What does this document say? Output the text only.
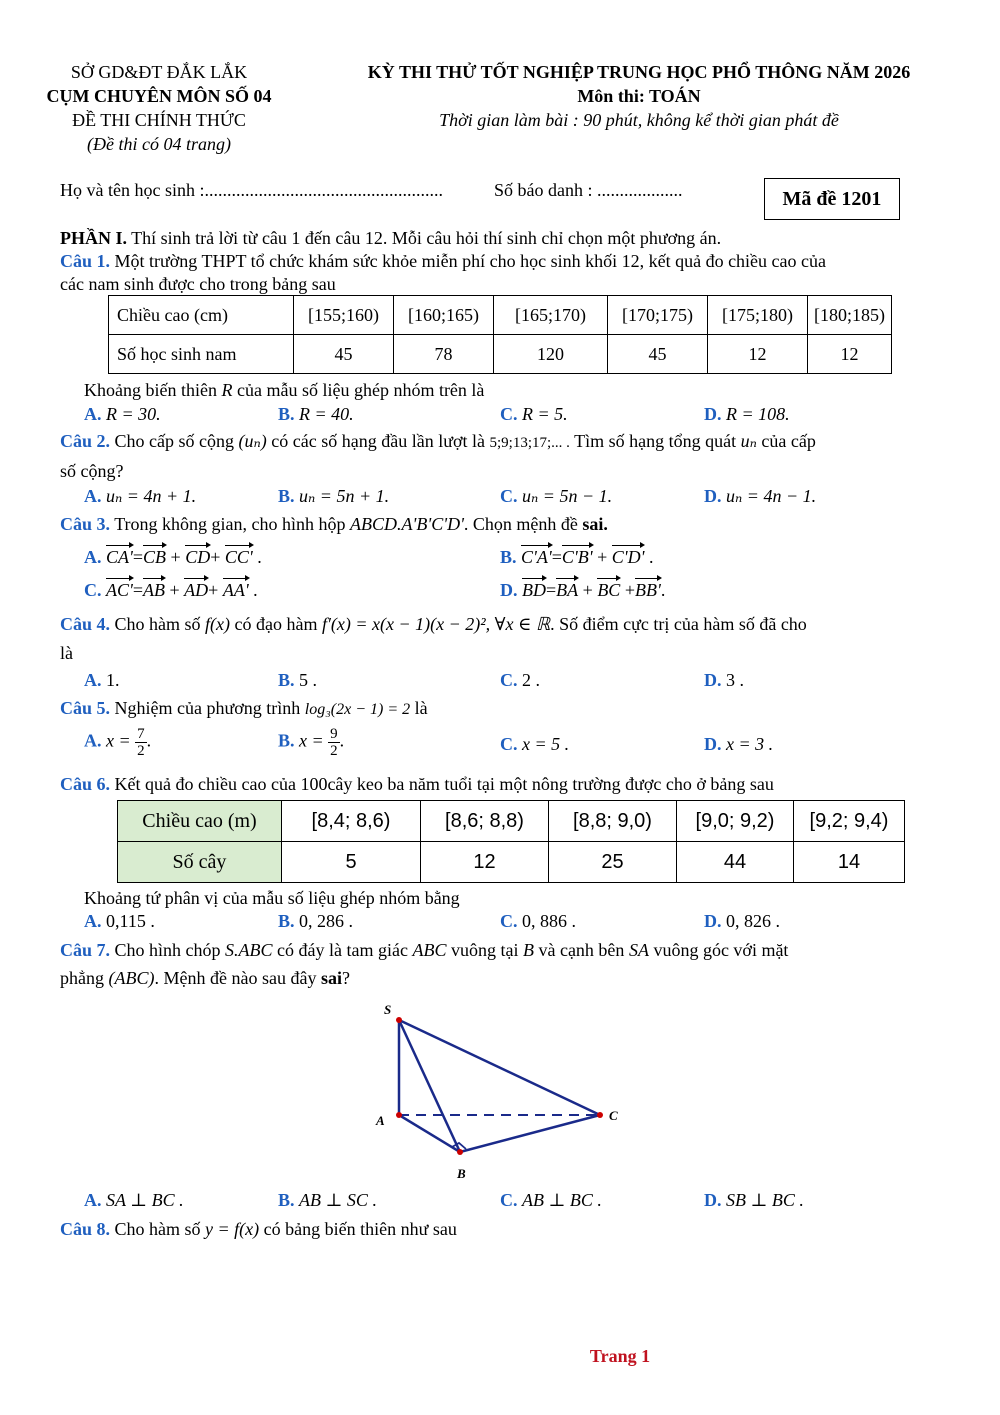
SỞ GD&ĐT ĐẮK LẮK
CỤM CHUYÊN MÔN SỐ 04
ĐỀ THI CHÍNH THỨC
(Đề thi có 04 trang)
KỲ THI THỬ TỐT NGHIỆP TRUNG HỌC PHỔ THÔNG NĂM 2026
Môn thi: TOÁN
Thời gian làm bài : 90 phút, không kể thời gian phát đề
Họ và tên học sinh :.....................................................	Số báo danh : ...................	Mã đề 1201
PHẦN I. Thí sinh trả lời từ câu 1 đến câu 12. Mỗi câu hỏi thí sinh chỉ chọn một phương án.
Câu 1. Một trường THPT tổ chức khám sức khỏe miễn phí cho học sinh khối 12, kết quả đo chiều cao của
các nam sinh được cho trong bảng sau
Chiều cao (cm)	[155;160)	[160;165)	[165;170)	[170;175)	[175;180)	[180;185)
Số học sinh nam	45	78	120	45	12	12
Khoảng biến thiên R của mẫu số liệu ghép nhóm trên là
A. R = 30.	B. R = 40.	C. R = 5.	D. R = 108.
Câu 2. Cho cấp số cộng (uₙ) có các số hạng đầu lần lượt là 5;9;13;17;... . Tìm số hạng tổng quát uₙ của cấp
số cộng?
A. uₙ = 4n + 1.	B. uₙ = 5n + 1.	C. uₙ = 5n − 1.	D. uₙ = 4n − 1.
Câu 3. Trong không gian, cho hình hộp ABCD.A'B'C'D'. Chọn mệnh đề sai.
A. CA'=CB + CD+ CC' .	B. C'A'=C'B' + C'D' .
C. AC'=AB + AD+ AA' .	D. BD=BA + BC +BB'.
Câu 4. Cho hàm số f(x) có đạo hàm f′(x) = x(x − 1)(x − 2)², ∀x ∈ ℝ. Số điểm cực trị của hàm số đã cho
là
A. 1.	B. 5 .	C. 2 .	D. 3 .
Câu 5. Nghiệm của phương trình log₃(2x − 1) = 2 là
A. $x = \frac{7}{2}$ .	B. $x = \frac{9}{2}$ .	C. x = 5 .	D. x = 3 .
Câu 6. Kết quả đo chiều cao của 100cây keo ba năm tuổi tại một nông trường được cho ở bảng sau
Chiều cao (m)	[8,4; 8,6)	[8,6; 8,8)	[8,8; 9,0)	[9,0; 9,2)	[9,2; 9,4)
Số cây	5	12	25	44	14
Khoảng tứ phân vị của mẫu số liệu ghép nhóm bằng
A. 0,115 .	B. 0, 286 .	C. 0, 886 .	D. 0, 826 .
Câu 7. Cho hình chóp S.ABC có đáy là tam giác ABC vuông tại B và cạnh bên SA vuông góc với mặt
phẳng (ABC). Mệnh đề nào sau đây sai?
S
A
B
C
A. SA ⊥ BC .	B. AB ⊥ SC .	C. AB ⊥ BC .	D. SB ⊥ BC .
Câu 8. Cho hàm số y = f(x) có bảng biến thiên như sau
Trang 1
